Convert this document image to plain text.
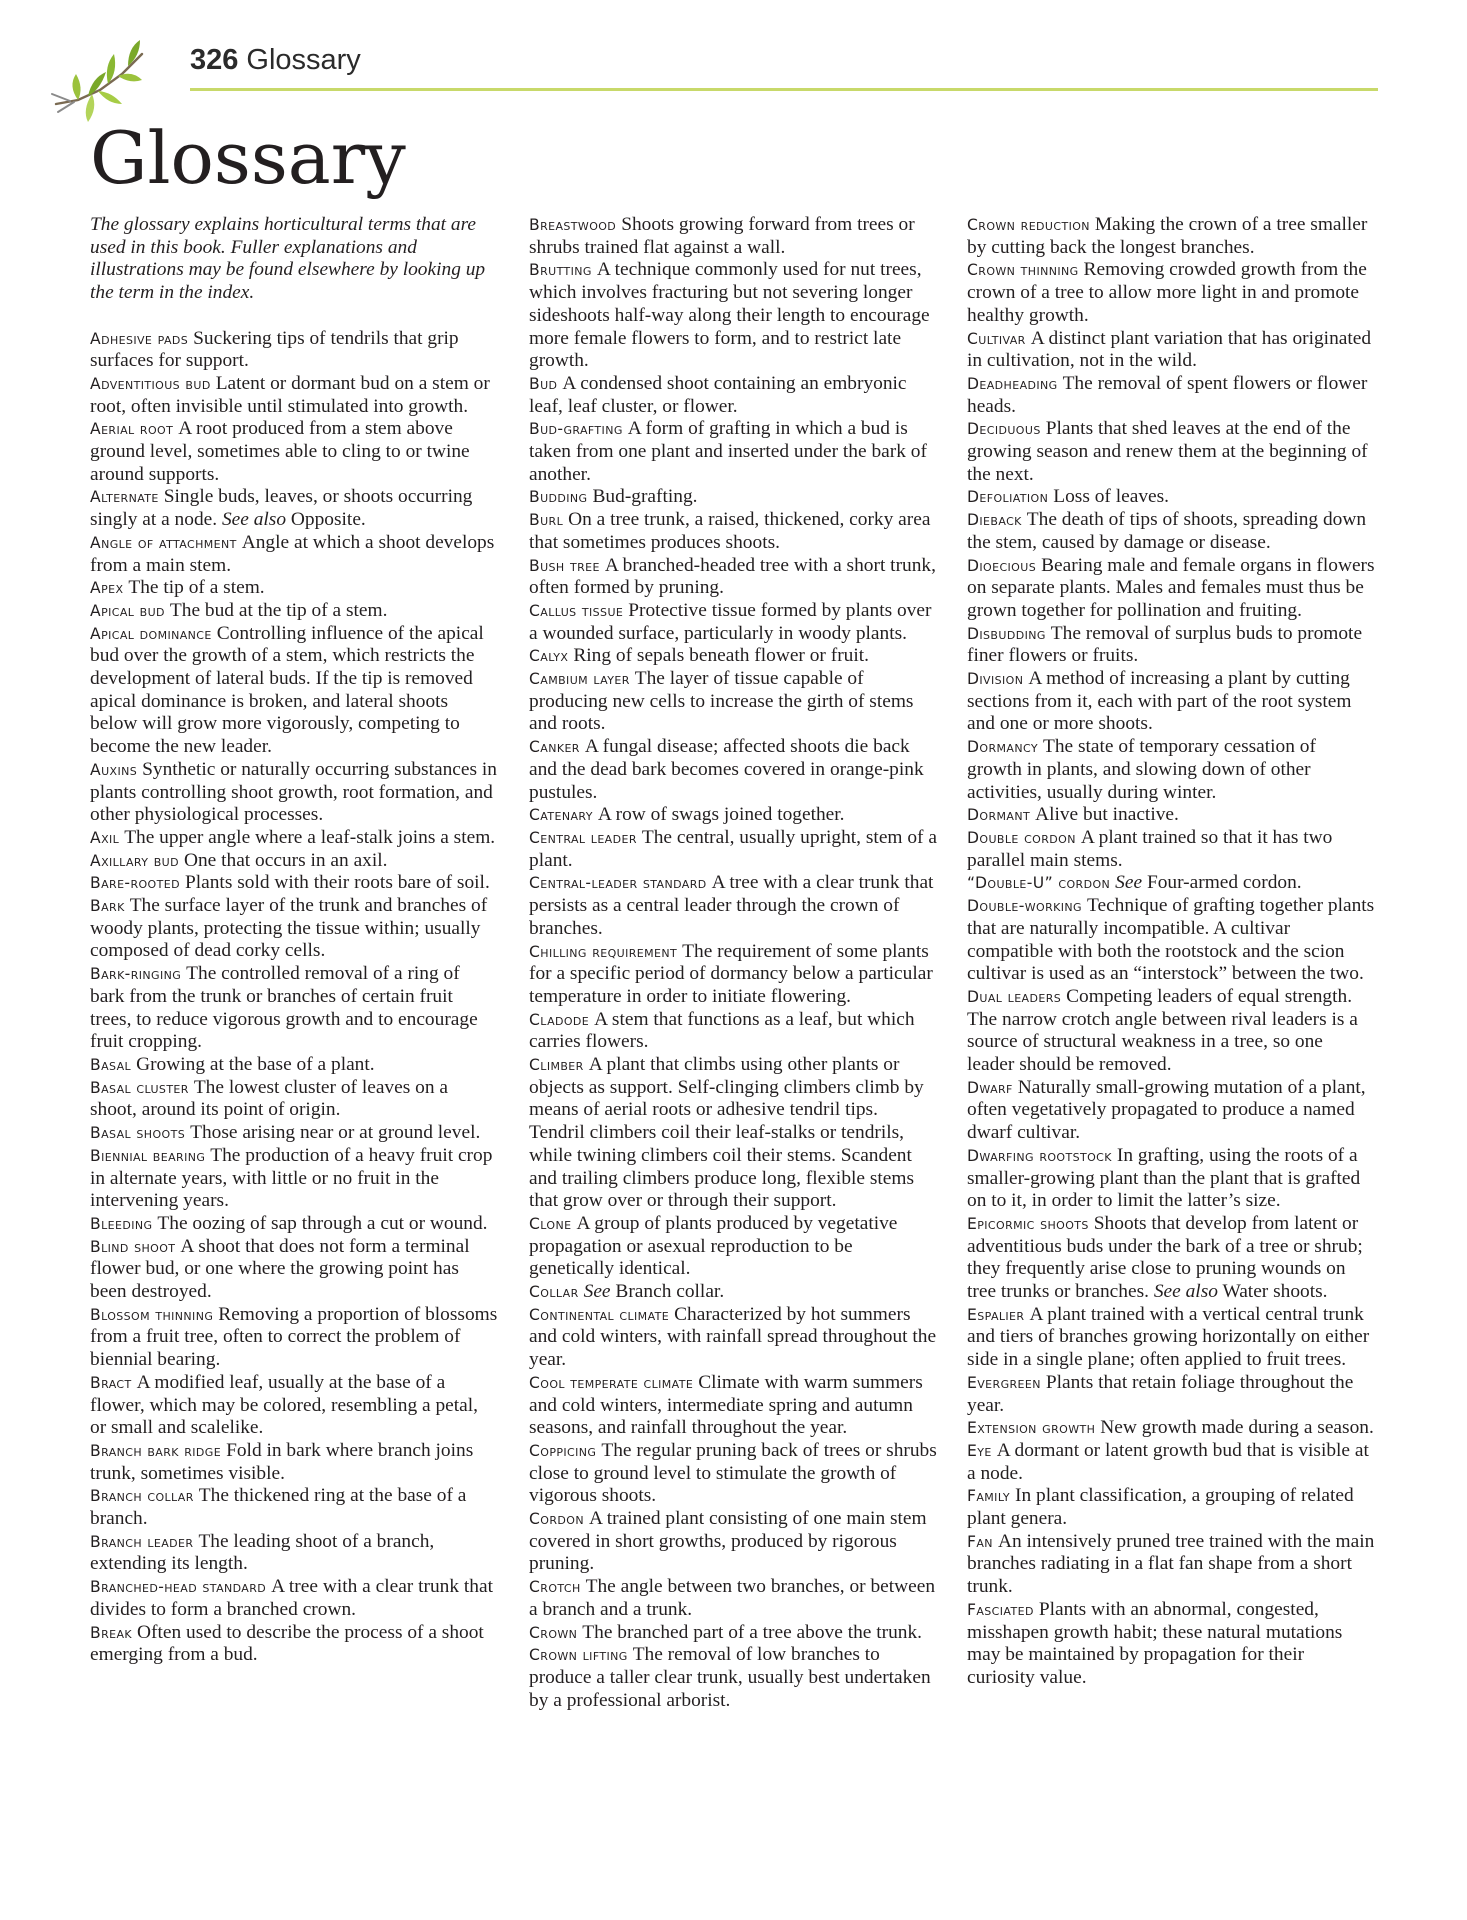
326 Glossary
Glossary

The glossary explains horticultural terms that are used in this book. Fuller explanations and illustrations may be found elsewhere by looking up the term in the index.

Adhesive pads Suckering tips of tendrils that grip surfaces for support.

Adventitious bud Latent or dormant bud on a stem or root, often invisible until stimulated into growth.

Aerial root A root produced from a stem above ground level, sometimes able to cling to or twine around supports.

Alternate Single buds, leaves, or shoots occurring singly at a node. See also Opposite.

Angle of attachment Angle at which a shoot develops from a main stem.

Apex The tip of a stem.

Apical bud The bud at the tip of a stem.

Apical dominance Controlling influence of the apical bud over the growth of a stem, which restricts the development of lateral buds. If the tip is removed apical dominance is broken, and lateral shoots below will grow more vigorously, competing to become the new leader.

Auxins Synthetic or naturally occurring substances in plants controlling shoot growth, root formation, and other physiological processes.

Axil The upper angle where a leaf-stalk joins a stem.

Axillary bud One that occurs in an axil.

Bare-rooted Plants sold with their roots bare of soil.

Bark The surface layer of the trunk and branches of woody plants, protecting the tissue within; usually composed of dead corky cells.

Bark-ringing The controlled removal of a ring of bark from the trunk or branches of certain fruit trees, to reduce vigorous growth and to encourage fruit cropping.

Basal Growing at the base of a plant.

Basal cluster The lowest cluster of leaves on a shoot, around its point of origin.

Basal shoots Those arising near or at ground level.

Biennial bearing The production of a heavy fruit crop in alternate years, with little or no fruit in the intervening years.

Bleeding The oozing of sap through a cut or wound.

Blind shoot A shoot that does not form a terminal flower bud, or one where the growing point has been destroyed.

Blossom thinning Removing a proportion of blossoms from a fruit tree, often to correct the problem of biennial bearing.

Bract A modified leaf, usually at the base of a flower, which may be colored, resembling a petal, or small and scalelike.

Branch bark ridge Fold in bark where branch joins trunk, sometimes visible.

Branch collar The thickened ring at the base of a branch.

Branch leader The leading shoot of a branch, extending its length.

Branched-head standard A tree with a clear trunk that divides to form a branched crown.

Break Often used to describe the process of a shoot emerging from a bud.

Breastwood Shoots growing forward from trees or shrubs trained flat against a wall.

Brutting A technique commonly used for nut trees, which involves fracturing but not severing longer sideshoots half-way along their length to encourage more female flowers to form, and to restrict late growth.

Bud A condensed shoot containing an embryonic leaf, leaf cluster, or flower.

Bud-grafting A form of grafting in which a bud is taken from one plant and inserted under the bark of another.

Budding Bud-grafting.

Burl On a tree trunk, a raised, thickened, corky area that sometimes produces shoots.

Bush tree A branched-headed tree with a short trunk, often formed by pruning.

Callus tissue Protective tissue formed by plants over a wounded surface, particularly in woody plants.

Calyx Ring of sepals beneath flower or fruit.

Cambium layer The layer of tissue capable of producing new cells to increase the girth of stems and roots.

Canker A fungal disease; affected shoots die back and the dead bark becomes covered in orange-pink pustules.

Catenary A row of swags joined together.

Central leader The central, usually upright, stem of a plant.

Central-leader standard A tree with a clear trunk that persists as a central leader through the crown of branches.

Chilling requirement The requirement of some plants for a specific period of dormancy below a particular temperature in order to initiate flowering.

Cladode A stem that functions as a leaf, but which carries flowers.

Climber A plant that climbs using other plants or objects as support. Self-clinging climbers climb by means of aerial roots or adhesive tendril tips. Tendril climbers coil their leaf-stalks or tendrils, while twining climbers coil their stems. Scandent and trailing climbers produce long, flexible stems that grow over or through their support.

Clone A group of plants produced by vegetative propagation or asexual reproduction to be genetically identical.

Collar See Branch collar.

Continental climate Characterized by hot summers and cold winters, with rainfall spread throughout the year.

Cool temperate climate Climate with warm summers and cold winters, intermediate spring and autumn seasons, and rainfall throughout the year.

Coppicing The regular pruning back of trees or shrubs close to ground level to stimulate the growth of vigorous shoots.

Cordon A trained plant consisting of one main stem covered in short growths, produced by rigorous pruning.

Crotch The angle between two branches, or between a branch and a trunk.

Crown The branched part of a tree above the trunk.

Crown lifting The removal of low branches to produce a taller clear trunk, usually best undertaken by a professional arborist.

Crown reduction Making the crown of a tree smaller by cutting back the longest branches.

Crown thinning Removing crowded growth from the crown of a tree to allow more light in and promote healthy growth.

Cultivar A distinct plant variation that has originated in cultivation, not in the wild.

Deadheading The removal of spent flowers or flower heads.

Deciduous Plants that shed leaves at the end of the growing season and renew them at the beginning of the next.

Defoliation Loss of leaves.

Dieback The death of tips of shoots, spreading down the stem, caused by damage or disease.

Dioecious Bearing male and female organs in flowers on separate plants. Males and females must thus be grown together for pollination and fruiting.

Disbudding The removal of surplus buds to promote finer flowers or fruits.

Division A method of increasing a plant by cutting sections from it, each with part of the root system and one or more shoots.

Dormancy The state of temporary cessation of growth in plants, and slowing down of other activities, usually during winter.

Dormant Alive but inactive.

Double cordon A plant trained so that it has two parallel main stems.

“Double-U” cordon See Four-armed cordon.

Double-working Technique of grafting together plants that are naturally incompatible. A cultivar compatible with both the rootstock and the scion cultivar is used as an “interstock” between the two.

Dual leaders Competing leaders of equal strength. The narrow crotch angle between rival leaders is a source of structural weakness in a tree, so one leader should be removed.

Dwarf Naturally small-growing mutation of a plant, often vegetatively propagated to produce a named dwarf cultivar.

Dwarfing rootstock In grafting, using the roots of a smaller-growing plant than the plant that is grafted on to it, in order to limit the latter’s size.

Epicormic shoots Shoots that develop from latent or adventitious buds under the bark of a tree or shrub; they frequently arise close to pruning wounds on tree trunks or branches. See also Water shoots.

Espalier A plant trained with a vertical central trunk and tiers of branches growing horizontally on either side in a single plane; often applied to fruit trees.

Evergreen Plants that retain foliage throughout the year.

Extension growth New growth made during a season.

Eye A dormant or latent growth bud that is visible at a node.

Family In plant classification, a grouping of related plant genera.

Fan An intensively pruned tree trained with the main branches radiating in a flat fan shape from a short trunk.

Fasciated Plants with an abnormal, congested, misshapen growth habit; these natural mutations may be maintained by propagation for their curiosity value.
